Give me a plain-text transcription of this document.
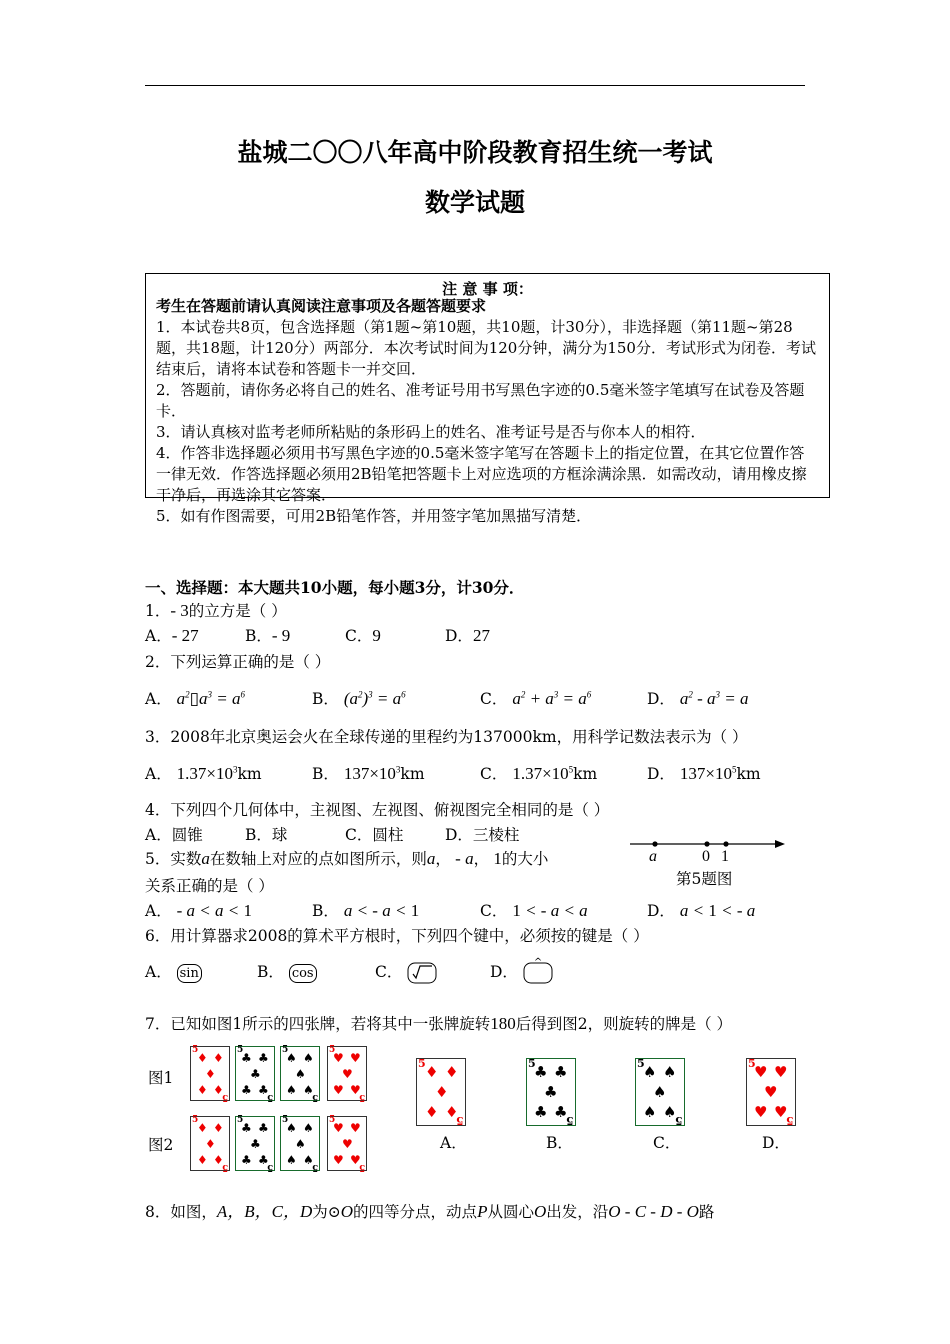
盐城二〇〇八年高中阶段教育招生统一考试
数学试题

注 意 事 项：

考生在答题前请认真阅读注意事项及各题答题要求

1．本试卷共8页，包含选择题（第1题~第10题，共10题，计30分），非选择题（第11题~第28题，共18题，计120分）两部分．本次考试时间为120分钟，满分为150分．考试形式为闭卷．考试结束后，请将本试卷和答题卡一并交回．

2．答题前，请你务必将自己的姓名、准考证号用书写黑色字迹的0.5毫米签字笔填写在试卷及答题卡．

3．请认真核对监考老师所粘贴的条形码上的姓名、准考证号是否与你本人的相符．

4．作答非选择题必须用书写黑色字迹的0.5毫米签字笔写在答题卡上的指定位置，在其它位置作答一律无效．作答选择题必须用2B铅笔把答题卡上对应选项的方框涂满涂黑．如需改动，请用橡皮擦干净后，再选涂其它答案．

5．如有作图需要，可用2B铅笔作答，并用签字笔加黑描写清楚．

一、选择题：本大题共10小题，每小题3分，计30分．
1．- 3的立方是（ ）
A．- 27	B．- 9	C．9	D．27
2．下列运算正确的是（ ）
A． $a^2▯a^3 = a^6$	B． $(a^2)^3 = a^6$	C． $a^2 + a^3 = a^6$	D． $a^2 - a^3 = a$
3．2008年北京奥运会火在全球传递的里程约为137000km，用科学记数法表示为（ ）
A． $1.37\times 10^3km$	B． $137\times 10^3km$	C． $1.37\times 10^5km$	D． $137\times 10^5km$
4．下列四个几何体中，主视图、左视图、俯视图完全相同的是（ ）
A．圆锥	B．球	C．圆柱	D．三棱柱
5．实数a在数轴上对应的点如图所示，则a， - a， 1的大小
关系正确的是（ ）
a	0 1
第5题图
A． - a < a < 1	B． a < - a < 1	C． 1 < - a < a	D． a < 1 < - a
6．用计算器求2008的算术平方根时，下列四个键中，必须按的键是（ ）
A． sin	B． cos	C．	D．
^
7．已知如图1所示的四张牌，若将其中一张牌旋转180后得到图2，则旋转的牌是（ ）
图1
图2
5
5
♦ ♦
♦
♦ ♦
5
5
♣ ♣
♣
♣ ♣
5
5
♠ ♠
♠
♠ ♠
5
5
♥ ♥
♥
♥ ♥
5
5
♦ ♦
♦
♦ ♦
5
5
♣ ♣
♣
♣ ♣
5
5
♠ ♠
♠
♠ ♠
5
5
♥ ♥
♥
♥ ♥
5
5
♦ ♦
♦
♦ ♦
A．
5
5
♣ ♣
♣
♣ ♣
B．
5
5
♠ ♠
♠
♠ ♠
C．
5
5
♥ ♥
♥
♥ ♥
D．
8．如图，A，B，C，D为⊙O的四等分点，动点P从圆心O出发，沿O - C - D - O路
